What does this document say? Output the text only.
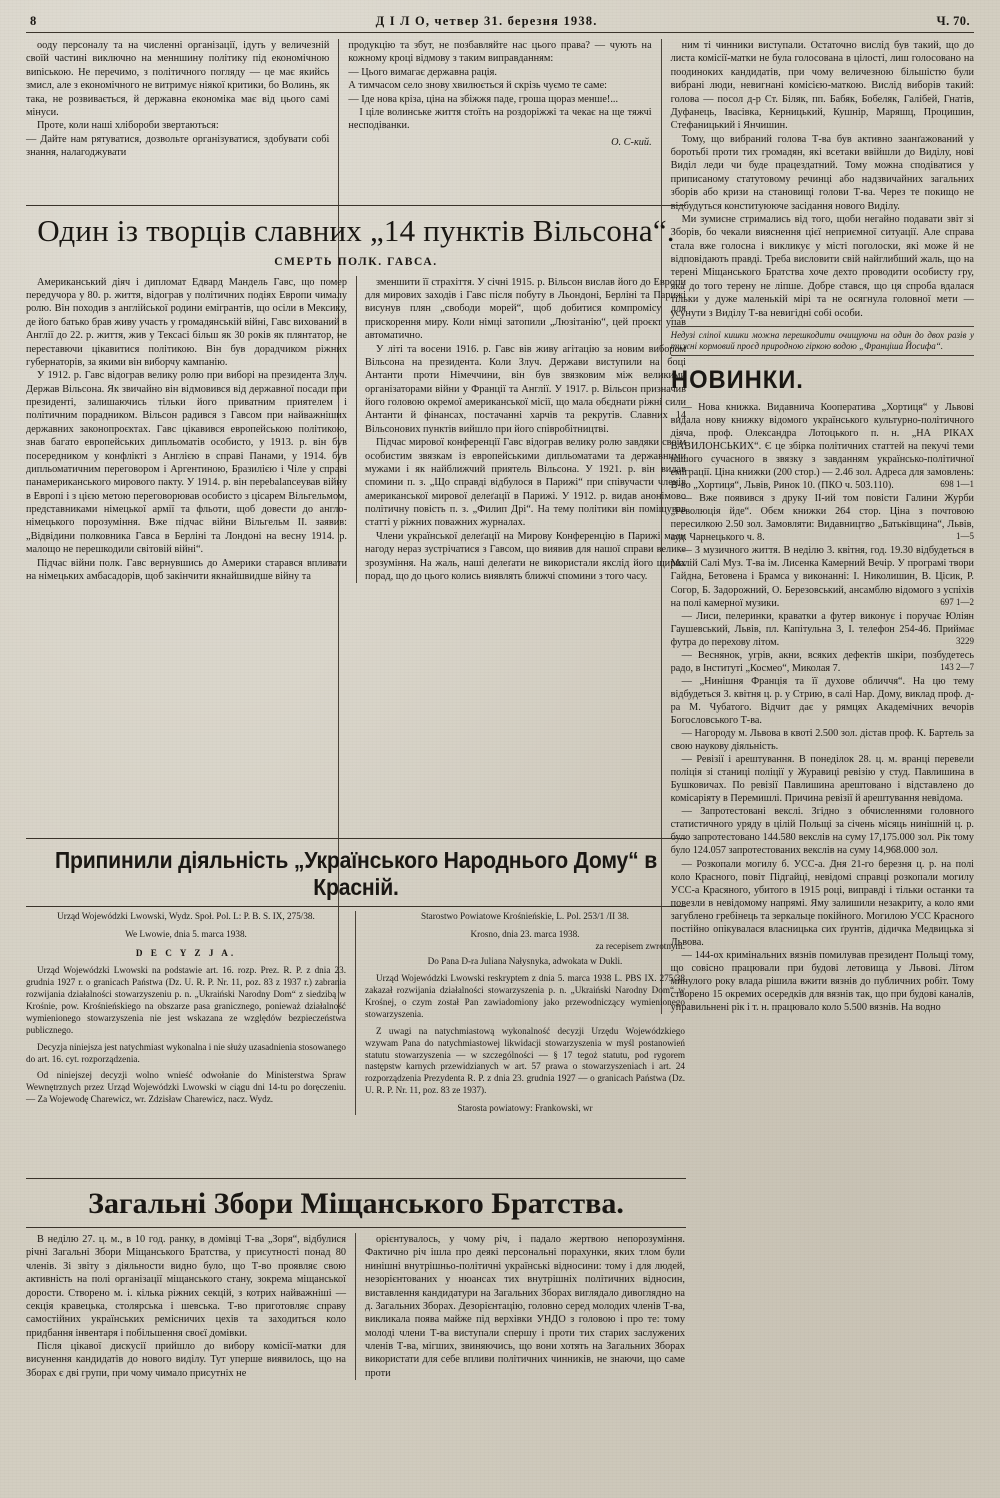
8	Д І Л О, четвер 31. березня 1938.	Ч. 70.

ооду персоналу та на численні організації, ідуть у величезній своїй частині виключно на менншину політику під економічною виnіською. Не перечимо, з політичного погляду — це має якийсь змисл, але з економічного не витримує ніякої критики, бо Волинь, як така, не розвивається, й державна економіка має від цього самі мінуси.

Проте, коли наші хлібороби звертаються:

— Дайте нам рятуватися, дозвольте організуватися, здобувати собі знання, налагоджувати

продукцію та збут, не позбавляйте нас цього права? — чують на кожному кроці відмову з таким виправданням:

— Цього вимагає державна рація.

А тимчасом село знову хвилюється й скрізь чуємо те саме:

— Іде нова кріза, ціна на збіжжя паде, гроша щораз менше!...

І ціле волинське життя стоїть на роздоріжжі та чекає на ще тяжчі несподіванки.

О. С-кий.

ним ті чинники виступали. Остаточно вислід був такий, що до листа комісії-матки не була голосована в цілості, лиш голосовано на поодиноких кандидатів, при чому величезною більшістю були вибрані люди, невигнані комісією-маткою. Вислід виборів такий: голова — посол д-р Ст. Біляк, пп. Бабяк, Бобеляк, Галібей, Гнатів, Дуфанець, Івасівка, Керницький, Кушнір, Маряшц, Процишин, Стефаницький і Янчишин.

Тому, що вибраний голова Т-ва був активно заанґажований у боротьбі проти тих громадян, які всетаки ввійшли до Виділу, нові Виділ леди чи буде працездатний. Тому можна сподіватися у приписаному статутовому речинці або надзвичайних загальних зборів або кризи на становищі голови Т-ва. Через те покищо не відбудуться конституююче засідання нового Виділу.

Ми зумисне стримались від того, щоби негайно подавати звіт зі Зборів, бо чекали вияснення цієї неприємної ситуації. Але справа стала вже голосна і викликує у місті поголоски, які може й не відповідають правді. Треба висловити свій найглибший жаль, що на терені Міщанського Братства хоче дехто проводити особисту гру, яка до того терену не ліпше. Добре стався, що ця спроба вдалася тільки у дуже маленькій мірі та не осягнула головної мети — усунути з Виділу Т-ва невигідні собі особи.

Недузі сліпої кишки можна перешкодити очищуючи на один до двох разів у тижні кормовий проєд природною гіркою водою „Франціша Йосифа“.
НОВИНКИ.

— Нова книжка. Видавнича Кооператива „Хортиця“ у Львові видала нову книжку відомого українського культурно-політичного діяча, проф. Олександра Лотоцького п. н. „НА РІКАХ ВАВИЛОНСЬКИХ“. Є це збірка політичних статтей на пекучі теми нашого сучасного в звязку з завданням українсько-політичної еміграції. Ціна книжки (200 стор.) — 2.46 зол. Адреса для замовлень: В-во „Хортиця“, Львів, Ринок 10. (ПКО ч. 503.110).	698 1—1

— Вже появився з друку ІІ-ий том повісти Галини Журби „Революція йде“. Обєм книжки 264 стор. Ціна з почтовою пересилкою 2.50 зол. Замовляти: Видавництво „Батьківщина“, Львів, ауд. Чарнецького ч. 8.	1—5

— З музичного життя. В неділю 3. квітня, год. 19.30 відбудеться в Малій Салі Муз. Т-ва ім. Лисенка Камерний Вечір. У програмі твори Гайдна, Бетовена і Брамса у виконанні: І. Николишин, В. Цісик, Р. Согор, Б. Задорожний, О. Березовський, ансамблю відомого з успіхів на полі камерної музики.	697 1—2

— Лиси, пелеринки, краватки а футер виконує і поручає Юліян Гаушевський, Львів, пл. Капітульна 3, І. телефон 254-46. Приймає футра до перехову літом.	3229

— Веснянок, угрів, акни, всяких дефектів шкіри, позбудетесь радо, в Інституті „Космео“, Миколая 7.	143 2—7

— „Нинішня Франція та її духове обличчя“. На цю тему відбудеться 3. квітня ц. р. у Стрию, в салі Нар. Дому, виклад проф. д-ра М. Чубатого. Відчит дає у рямцях Академічних вечорів Богословського Т-ва.

— Нагороду м. Львова в квоті 2.500 зол. дістав проф. К. Бартель за свою наукову діяльність.

— Ревізії і арештування. В понеділок 28. ц. м. вранці перевели поліція зі станиці поліції у Журавиці ревізію у студ. Павлишина в Бушковичах. По ревізії Павлишина арештовано і відставлено до комісаріяту в Перемишлі. Причина ревізії й арештування невідома.

— Запротестовані векслі. Згідно з обчисленнями головного статистичного уряду в цілій Польщі за січень місяць нинішній ц. р. було запротестовано 144.580 векслів на суму 17,175.000 зол. Рік тому було 124.057 запротестованих векслів на суму 14,968.000 зол.

— Розкопали могилу б. УСС-а. Дня 21-го березня ц. р. на полі коло Красного, повіт Підгайці, невідомі справці розкопали могилу УСС-а Красяного, убитого в 1915 році, виправді і тільки останки та повезли в невідомому напрямі. Яму залишили незакриту, а коло ями загублено гребінець та зеркальце покійного. Могилою УСС Красного постійно опікувалася власницька сих ґрунтів, дідичка Медвицька зі Львова.

— 144-ох кримінальних вязнів помилував президент Польщі тому, що совісно працювали при будові летовища у Львові. Літом минулого року влада рішила вжити вязнів до публичних робіт. Тому створено 15 окремих осередків для вязнів так, що при будові каналів, управильнені рік і т. н. працювало коло 5.500 вязнів. На водно

Один із творців славних „14 пунктів Вільсона“.
СМЕРТЬ ПОЛК. ГАВСА.

Американський діяч і дипломат Едвард Мандель Гавс, що помер передучора у 80. р. життя, відограв у політичних подіях Европи чималу ролю. Він походив з англійської родини емігрантів, що осіли в Мексику, де його батько брав живу участь у громадянській війні, Гавс вихований в Англії до 22. р. життя, жив у Тексасі більш як 30 років як плянтатор, не переставючи цікавитися політикою. Він був дорадчиком ріжних губернаторів, за якими він виборчу кампанію.

У 1912. р. Гавс відограв велику ролю при виборі на президента Злуч. Держав Вільсона. Як звичайно він відмовився від державної посади при президенті, залишаючись тільки його приватним приятелем і політичним порадником. Вільсон радився з Гавсом при найважніших державних законопроєктах. Гавс цікавився европейською політикою, знав багато европейських дипльоматів особисто, у 1913. р. він був посередником у конфлікті з Англією в справі Панами, у 1914. був дипльоматичним переговором і Аргентиною, Бразилією і Чіле у справі панамериканського мирового пакту. У 1914. р. він переbalanceував війну в Европі і з цією метою переговорював особисто з цісарем Вільгельмом, представниками німецької армії та фльоти, щоб довести до англо-німецького порозуміння. Вже підчас війни Вільгельм ІІ. заявив: „Відвідини полковника Гавса в Берліні та Лондоні на весну 1914. р. малощо не перешкодили світовій війні“.

Підчас війни полк. Гавс вернувшись до Америки старався впливати на німецьких амбасадорів, щоб закінчити якнайшвидше війну та

зменшити її страхіття. У січні 1915. р. Вільсон вислав його до Европи для мирових заходів і Гавс після побуту в Льондоні, Берліні та Парижі висунув плян „свободи морей“, щоб добитися компромісу для прискорення миру. Коли німці затопили „Люзітанію“, цей проєкт упав автоматично.

У літі та восени 1916. р. Гавс вів живу агітацію за новим вибором Вільсона на президента. Коли Злуч. Держави виступили на боці Антанти проти Німеччини, він був звязковим між великими організаторами війни у Франції та Англії. У 1917. р. Вільсон призначив його головою окремої американської місії, що мала обєднати ріжні сили Антанти й фінансах, постачанні харчів та рекрутів. Славних 14 Вільсонових пунктів вийшло при його співробітництві.

Підчас мирової конференції Гавс відограв велику ролю завдяки своїм особистим звязкам із европейськими дипльоматами та державними мужами і як найближчий приятель Вільсона. У 1921. р. він видав спомини п. з. „Що справді відбулося в Парижі“ при співучасти членів американської мирової делеґації в Парижі. У 1912. р. видав анонімово політичну повість п. з. „Филип Дрі“. На тему політики він поміщував статті у ріжних поважних журналах.

Члени української делеґації на Мирову Конференцію в Парижі мали нагоду нераз зустрічатися з Гавсом, що виявив для нашої справи велике зрозуміння. На жаль, наші делеґати не використали якслід його щирих порад, що до цього колись виявлять ближчі спомини з того часу.

Припинили діяльність „Українського Народнього Дому“ в Красній.

Urząd Wojewódzki Lwowski, Wydz. Społ. Pol. L: P. B. S. IX, 275/38.

We Lwowie, dnia 5. marca 1938.

D E C Y Z J A.

Urząd Wojewódzki Lwowski na podstawie art. 16. rozp. Prez. R. P. z dnia 23. grudnia 1927 r. o granicach Państwa (Dz. U. R. P. Nr. 11, poz. 83 z 1937 r.) zabrania rozwijania działalności stowarzyszeniu p. n. „Ukraiński Narodny Dom“ z siedzibą w Krośnie, pow. Krośnieńskiego na obszarze pasa granicznego, ponieważ działalność wymienionego stowarzyszenia nie jest wskazana ze względów bezpieczeństwa publicznego.

Decyzja niniejsza jest natychmiast wykonalna i nie służy uzasadnienia stosowanego do art. 16. cyt. rozporządzenia.

Od niniejszej decyzji wolno wnieść odwołanie do Ministerstwa Spraw Wewnętrznych przez Urząd Wojewódzki Lwowski w ciągu dni 14-tu po doręczeniu. — Za Wojewodę Charewicz, wr. Zdzisław Charewicz, nacz. Wydz.

Starostwo Powiatowe Krośnieńskie, L. Pol. 253/1 /II 38.

Krosno, dnia 23. marca 1938.

za recepisem zwrotnym.

Do Pana D-ra Juliana Nałysnyka, adwokata w Dukli.

Urząd Wojewódzki Lwowski reskryptem z dnia 5. marca 1938 L. PBS IX. 275/38 zakazał rozwijania działalności stowarzyszenia p. n. „Ukraiński Narodny Dom“ w Krośnej, o czym został Pan zawiadomiony jako przewodniczący wymienionego stowarzyszenia.

Z uwagi na natychmiastową wykonalność decyzji Urzędu Wojewódzkiego wzywam Pana do natychmiastowej likwidacji stowarzyszenia w myśl postanowień statutu stowarzyszenia — w szczególności — § 17 tegoż statutu, pod rygorem następstw karnych przewidzianych w art. 57 prawa o stowarzyszeniach i art. 24 rozporządzenia Prezydenta R. P. z dnia 23. grudnia 1927 — o granicach Państwa (Dz. U. R. P. Nr. 11, poz. 83 ze 1937).

Starosta powiatowy: Frankowski, wr

Загальні Збори Міщанського Братства.

В неділю 27. ц. м., в 10 год. ранку, в домівці Т-ва „Зоря“, відбулися річні Загальні Збори Міщанського Братства, у присутності понад 80 членів. Зі звіту з діяльности видно було, що Т-во проявляє свою активність на полі організації міщанського стану, зокрема міщанської дорости. Створено м. і. кілька ріжних секцій, з котрих найважніші — секція кравецька, столярська і шевська. Т-во приготовляє справу самостійних українських ремісничих цехів та заходиться коло придбання інвентаря і побільшення своєї домівки.

Після цікавої дискусії прийшло до вибору комісії-матки для висунення кандидатів до нового виділу. Тут уперше виявилось, що на Зборах є дві групи, при чому чимало присутніх не

орієнтувалось, у чому річ, і падало жертвою непорозуміння. Фактично річ ішла про деякі персональні порахунки, яких тлом були нинішні внутрішньо-політичні українські відносини: тому і для людей, незорієнтованих у нюансах тих внутрішніх політичних відносин, виставлення кандидатури на Загальних Зборах виглядало дивоглядно на д. Загальних Зборах. Дезорієнтацію, головно серед молодих членів Т-ва, викликала поява майже під верхівки УНДО з головою і про те: тому молоді члени Т-ва виступали спершу і проти тих старих заслужених членів Т-ва, мігших, звиняючись, що вони хотять на Загальних Зборах використати для себе впливи політичних чинників, не знаючи, що саме проти
